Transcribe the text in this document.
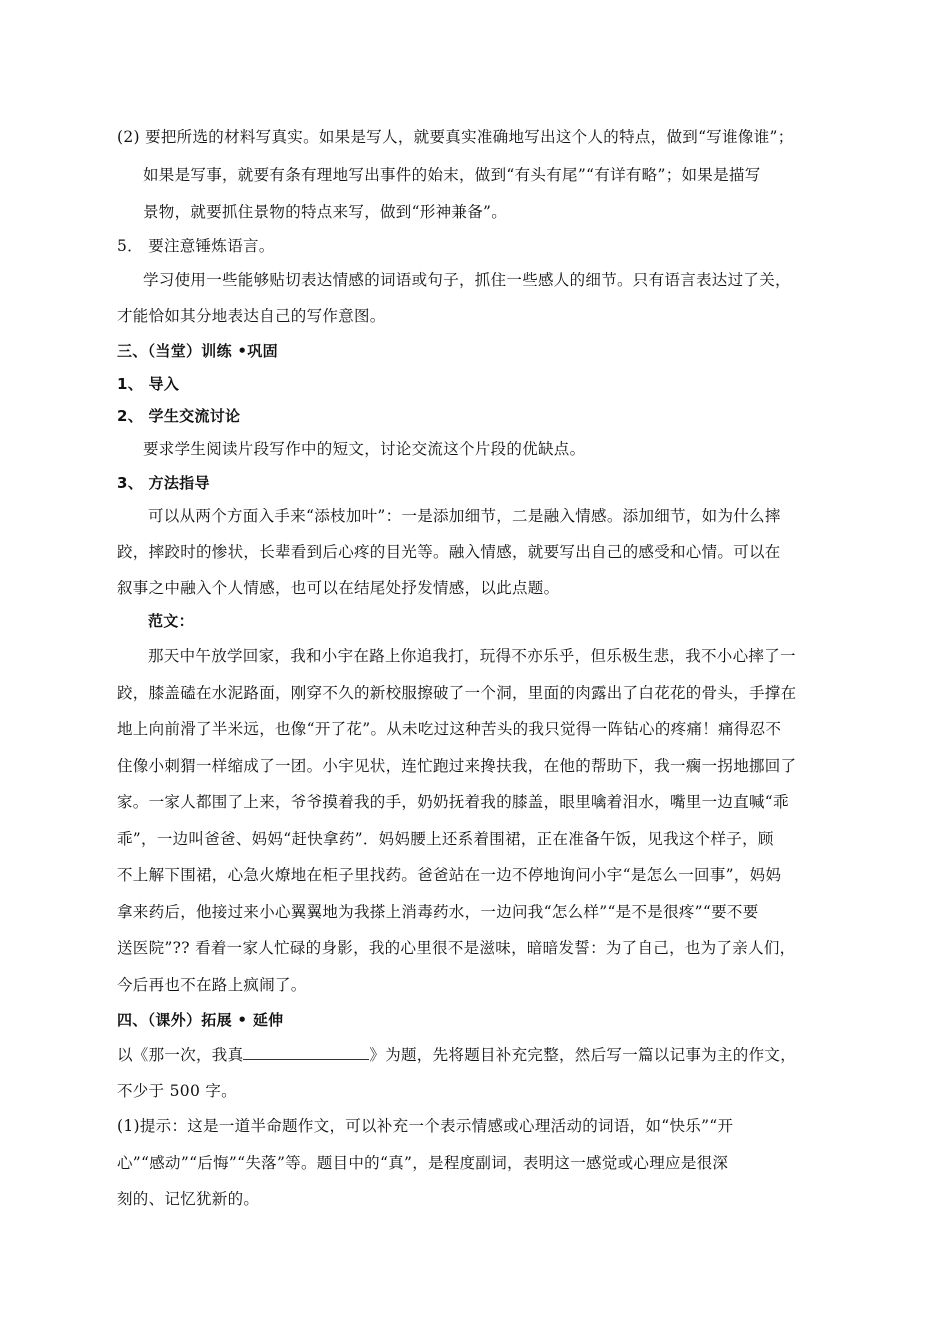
(2) 要把所选的材料写真实。如果是写人，就要真实准确地写出这个人的特点，做到“写谁像谁”；
如果是写事，就要有条有理地写出事件的始末，做到“有头有尾”“有详有略”；如果是描写
景物，就要抓住景物的特点来写，做到“形神兼备”。
5． 要注意锤炼语言。
学习使用一些能够贴切表达情感的词语或句子，抓住一些感人的细节。只有语言表达过了关，
才能恰如其分地表达自己的写作意图。
三、（当堂）训练 •巩固
1、 导入
2、 学生交流讨论
要求学生阅读片段写作中的短文，讨论交流这个片段的优缺点。
3、 方法指导
可以从两个方面入手来“添枝加叶”：一是添加细节，二是融入情感。添加细节，如为什么摔
跤，摔跤时的惨状，长辈看到后心疼的目光等。融入情感，就要写出自己的感受和心情。可以在
叙事之中融入个人情感，也可以在结尾处抒发情感，以此点题。
范文：
那天中午放学回家，我和小宇在路上你追我打，玩得不亦乐乎，但乐极生悲，我不小心摔了一
跤，膝盖磕在水泥路面，刚穿不久的新校服擦破了一个洞，里面的肉露出了白花花的骨头，手撑在
地上向前滑了半米远，也像“开了花”。从未吃过这种苦头的我只觉得一阵钻心的疼痛！痛得忍不
住像小刺猬一样缩成了一团。小宇见状，连忙跑过来搀扶我，在他的帮助下，我一瘸一拐地挪回了
家。一家人都围了上来，爷爷摸着我的手，奶奶抚着我的膝盖，眼里噙着泪水，嘴里一边直喊“乖
乖”，一边叫爸爸、妈妈“赶快拿药”．妈妈腰上还系着围裙，正在准备午饭，见我这个样子，顾
不上解下围裙，心急火燎地在柜子里找药。爸爸站在一边不停地询问小宇“是怎么一回事”，妈妈
拿来药后，他接过来小心翼翼地为我搽上消毒药水，一边问我“怎么样”“是不是很疼”“要不要
送医院”?? 看着一家人忙碌的身影，我的心里很不是滋味，暗暗发誓：为了自己，也为了亲人们，
今后再也不在路上疯闹了。
四、（课外）拓展 • 延伸
以《那一次，我真	》为题，先将题目补充完整，然后写一篇以记事为主的作文，
不少于 500 字。
(1)提示：这是一道半命题作文，可以补充一个表示情感或心理活动的词语，如“快乐”“开
心”“感动”“后悔”“失落”等。题目中的“真”，是程度副词，表明这一感觉或心理应是很深
刻的、记忆犹新的。
